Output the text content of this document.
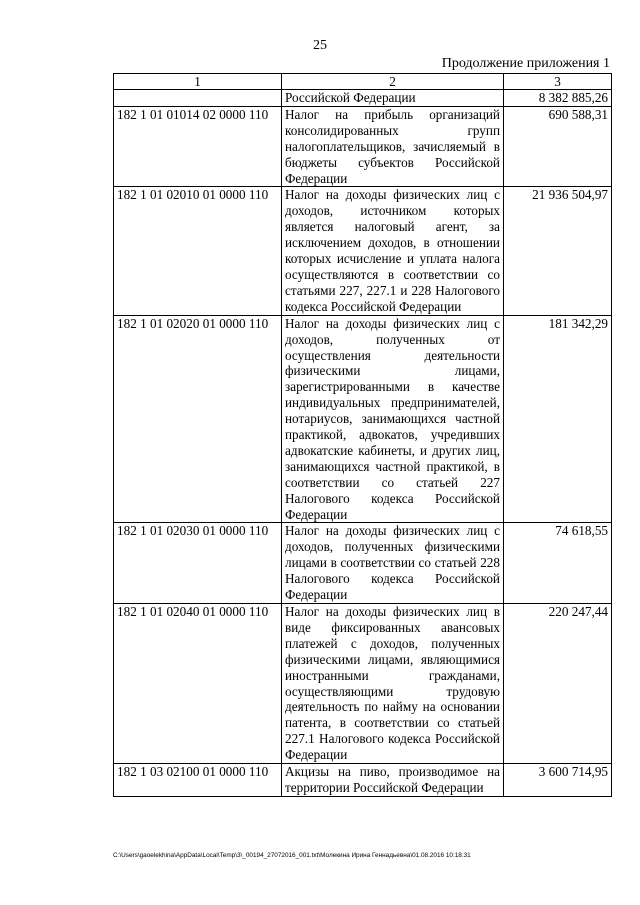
25
Продолжение приложения 1
1	2	3
	Российской Федерации	8 382 885,26
182 1 01 01014 02 0000 110	Налог на прибыль организаций консолидированных групп налогоплательщиков, зачисляемый в бюджеты субъектов Российской Федерации	690 588,31
182 1 01 02010 01 0000 110	Налог на доходы физических лиц с доходов, источником которых является налоговый агент, за исключением доходов, в отношении которых исчисление и уплата налога осуществляются в соответствии со статьями 227, 227.1 и 228 Налогового кодекса Российской Федерации	21 936 504,97
182 1 01 02020 01 0000 110	Налог на доходы физических лиц с доходов, полученных от осуществления деятельности физическими лицами, зарегистрированными в качестве индивидуальных предпринимателей, нотариусов, занимающихся частной практикой, адвокатов, учредивших адвокатские кабинеты, и других лиц, занимающихся частной практикой, в соответствии со статьей 227 Налогового кодекса Российской Федерации	181 342,29
182 1 01 02030 01 0000 110	Налог на доходы физических лиц с доходов, полученных физическими лицами в соответствии со статьей 228 Налогового кодекса Российской Федерации	74 618,55
182 1 01 02040 01 0000 110	Налог на доходы физических лиц в виде фиксированных авансовых платежей с доходов, полученных физическими лицами, являющимися иностранными гражданами, осуществляющими трудовую деятельность по найму на основании патента, в соответствии со статьей 227.1 Налогового кодекса Российской Федерации	220 247,44
182 1 03 02100 01 0000 110	Акцизы на пиво, производимое на территории Российской Федерации	3 600 714,95
C:\Users\gaoelekhina\AppData\Local\Temp\3\_00194_27072016_001.txt\Молекина Ирина Геннадьевна\01.08.2016 10:18:31
